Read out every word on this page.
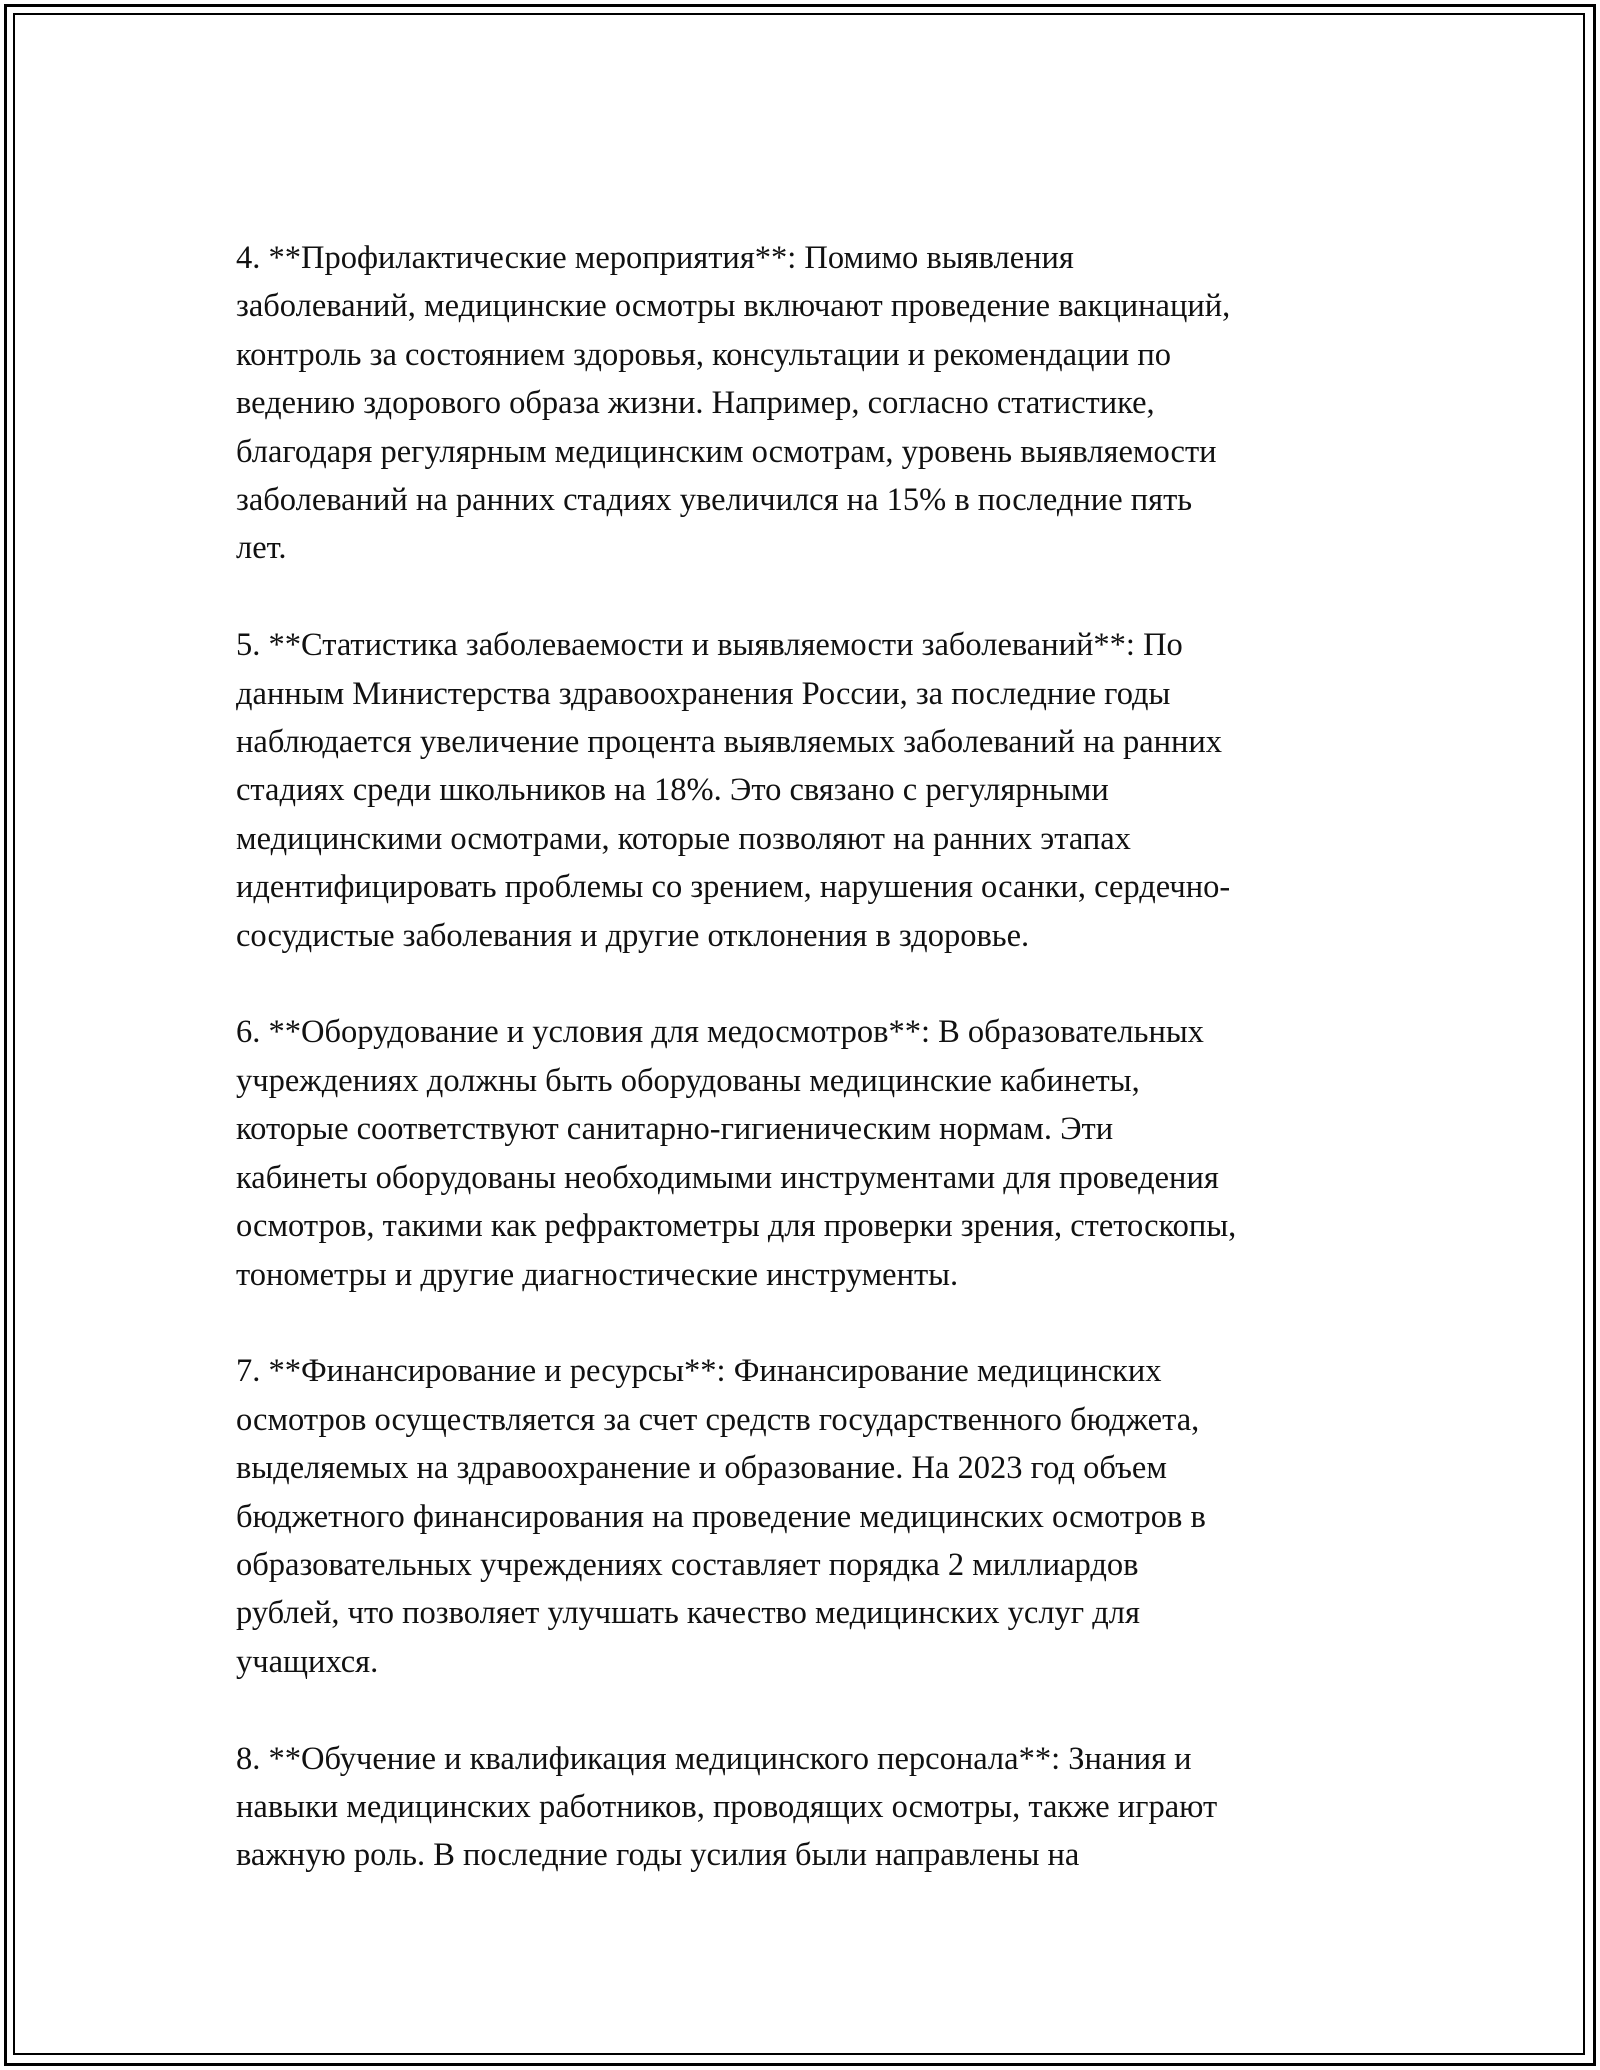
4. **Профилактические мероприятия**: Помимо выявления
заболеваний, медицинские осмотры включают проведение вакцинаций,
контроль за состоянием здоровья, консультации и рекомендации по
ведению здорового образа жизни. Например, согласно статистике,
благодаря регулярным медицинским осмотрам, уровень выявляемости
заболеваний на ранних стадиях увеличился на 15% в последние пять
лет.

5. **Статистика заболеваемости и выявляемости заболеваний**: По
данным Министерства здравоохранения России, за последние годы
наблюдается увеличение процента выявляемых заболеваний на ранних
стадиях среди школьников на 18%. Это связано с регулярными
медицинскими осмотрами, которые позволяют на ранних этапах
идентифицировать проблемы со зрением, нарушения осанки, сердечно-
сосудистые заболевания и другие отклонения в здоровье.

6. **Оборудование и условия для медосмотров**: В образовательных
учреждениях должны быть оборудованы медицинские кабинеты,
которые соответствуют санитарно-гигиеническим нормам. Эти
кабинеты оборудованы необходимыми инструментами для проведения
осмотров, такими как рефрактометры для проверки зрения, стетоскопы,
тонометры и другие диагностические инструменты.

7. **Финансирование и ресурсы**: Финансирование медицинских
осмотров осуществляется за счет средств государственного бюджета,
выделяемых на здравоохранение и образование. На 2023 год объем
бюджетного финансирования на проведение медицинских осмотров в
образовательных учреждениях составляет порядка 2 миллиардов
рублей, что позволяет улучшать качество медицинских услуг для
учащихся.

8. **Обучение и квалификация медицинского персонала**: Знания и
навыки медицинских работников, проводящих осмотры, также играют
важную роль. В последние годы усилия были направлены на
